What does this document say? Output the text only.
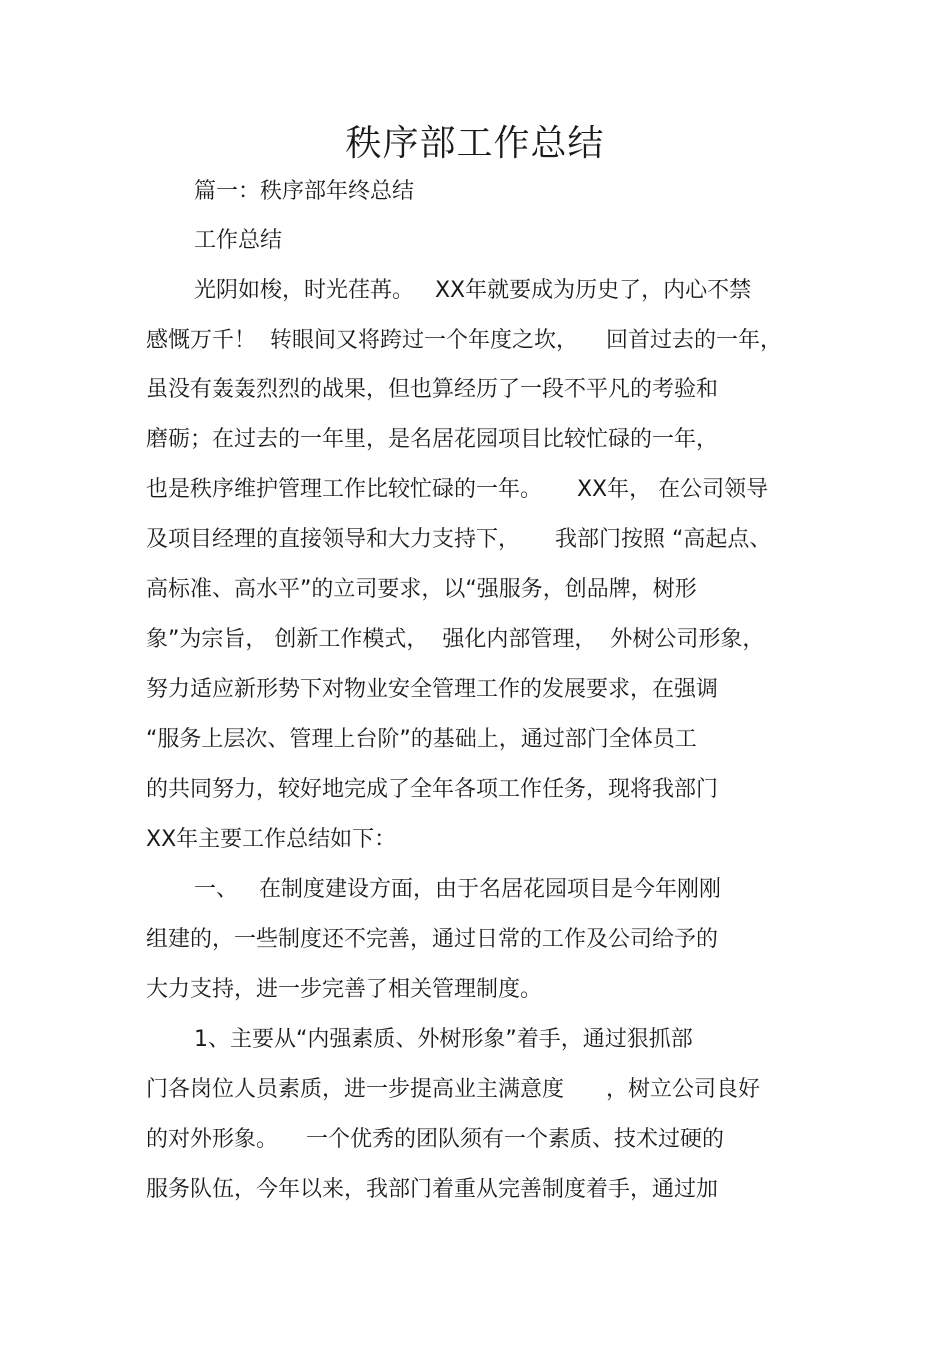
秩序部工作总结
篇一：秩序部年终总结
工作总结
光阴如梭，时光荏苒。   XX年就要成为历史了，内心不禁
感慨万千！  转眼间又将跨过一个年度之坎，    回首过去的一年，
虽没有轰轰烈烈的战果，但也算经历了一段不平凡的考验和
磨砺；在过去的一年里，是名居花园项目比较忙碌的一年，
也是秩序维护管理工作比较忙碌的一年。     XX年， 在公司领导
及项目经理的直接领导和大力支持下，     我部门按照 “高起点、
高标准、高水平”的立司要求，以“强服务，创品牌，树形
象”为宗旨， 创新工作模式，  强化内部管理，  外树公司形象，
努力适应新形势下对物业安全管理工作的发展要求，在强调
“服务上层次、管理上台阶”的基础上，通过部门全体员工
的共同努力，较好地完成了全年各项工作任务，现将我部门
XX年主要工作总结如下：
一、   在制度建设方面，由于名居花园项目是今年刚刚
组建的，一些制度还不完善，通过日常的工作及公司给予的
大力支持，进一步完善了相关管理制度。
1、主要从“内强素质、外树形象”着手，通过狠抓部
门各岗位人员素质，进一步提高业主满意度      ，树立公司良好
的对外形象。    一个优秀的团队须有一个素质、技术过硬的
服务队伍，今年以来，我部门着重从完善制度着手，通过加
